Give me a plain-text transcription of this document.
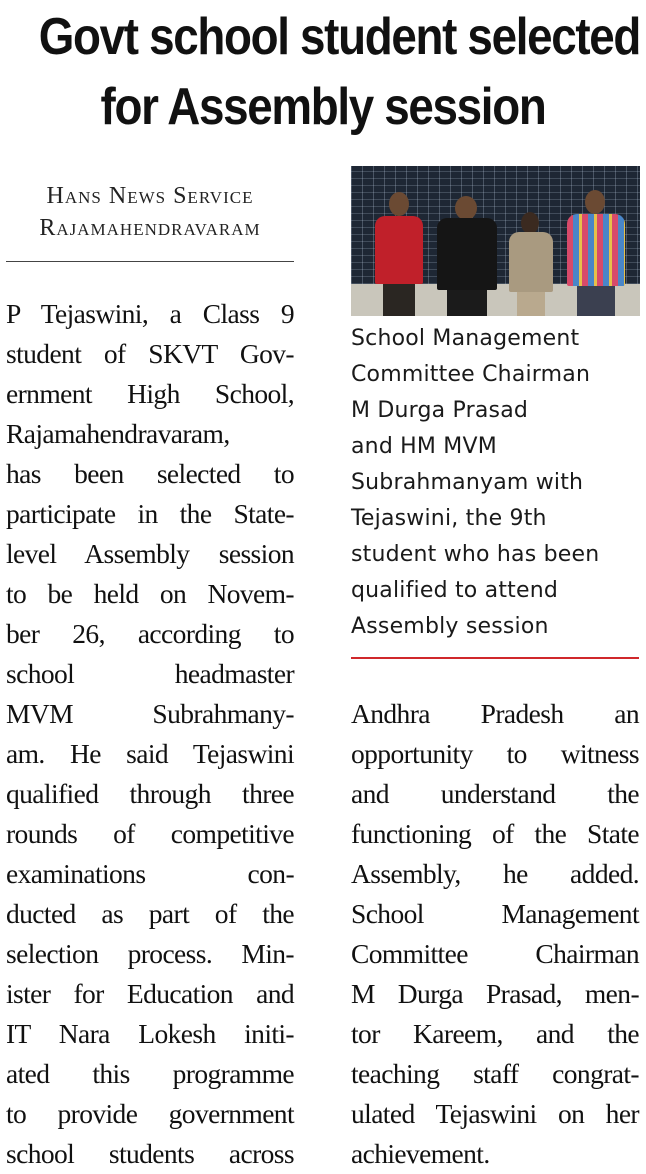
Govt school student selected
for Assembly session
Hans News Service
Rajamahendravaram
School Management
Committee Chairman
M Durga Prasad
and HM MVM
Subrahmanyam with
Tejaswini, the 9th
student who has been
qualified to attend
Assembly session
P Tejaswini, a Class 9
student of SKVT Gov-
ernment High School,
Rajamahendravaram,
has been selected to
participate in the State-
level Assembly session
to be held on Novem-
ber 26, according to
school headmaster
MVM Subrahmany-
am. He said Tejaswini
qualified through three
rounds of competitive
examinations con-
ducted as part of the
selection process. Min-
ister for Education and
IT Nara Lokesh initi-
ated this programme
to provide government
school students across
Andhra Pradesh an
opportunity to witness
and understand the
functioning of the State
Assembly, he added.
School Management
Committee Chairman
M Durga Prasad, men-
tor Kareem, and the
teaching staff congrat-
ulated Tejaswini on her
achievement.
